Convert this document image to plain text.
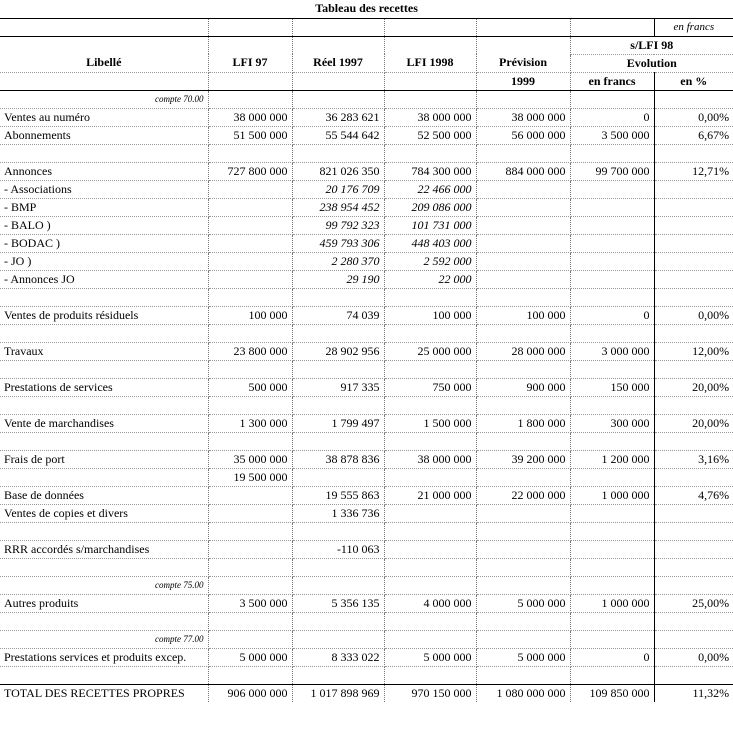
Tableau des recettes						
						en francs
					s/LFI 98	
Libellé	LFI 97	Réel 1997	LFI 1998	Prévision	Evolution	
				1999	en francs	en %
compte 70.00						
Ventes au numéro	38 000 000	36 283 621	38 000 000	38 000 000	0	0,00%
Abonnements	51 500 000	55 544 642	52 500 000	56 000 000	3 500 000	6,67%

Annonces	727 800 000	821 026 350	784 300 000	884 000 000	99 700 000	12,71%
- Associations		20 176 709	22 466 000			
- BMP		238 954 452	209 086 000			
- BALO )		99 792 323	101 731 000			
- BODAC )		459 793 306	448 403 000			
- JO )		2 280 370	2 592 000			
- Annonces JO		29 190	22 000			

Ventes de produits résiduels	100 000	74 039	100 000	100 000	0	0,00%

Travaux	23 800 000	28 902 956	25 000 000	28 000 000	3 000 000	12,00%

Prestations de services	500 000	917 335	750 000	900 000	150 000	20,00%

Vente de marchandises	1 300 000	1 799 497	1 500 000	1 800 000	300 000	20,00%

Frais de port	35 000 000	38 878 836	38 000 000	39 200 000	1 200 000	3,16%
	19 500 000					
Base de données		19 555 863	21 000 000	22 000 000	1 000 000	4,76%
Ventes de copies et divers		1 336 736				

RRR accordés s/marchandises		-110 063				

compte 75.00						
Autres produits	3 500 000	5 356 135	4 000 000	5 000 000	1 000 000	25,00%

compte 77.00						
Prestations services et produits excep.	5 000 000	8 333 022	5 000 000	5 000 000	0	0,00%

TOTAL DES RECETTES PROPRES	906 000 000	1 017 898 969	970 150 000	1 080 000 000	109 850 000	11,32%
